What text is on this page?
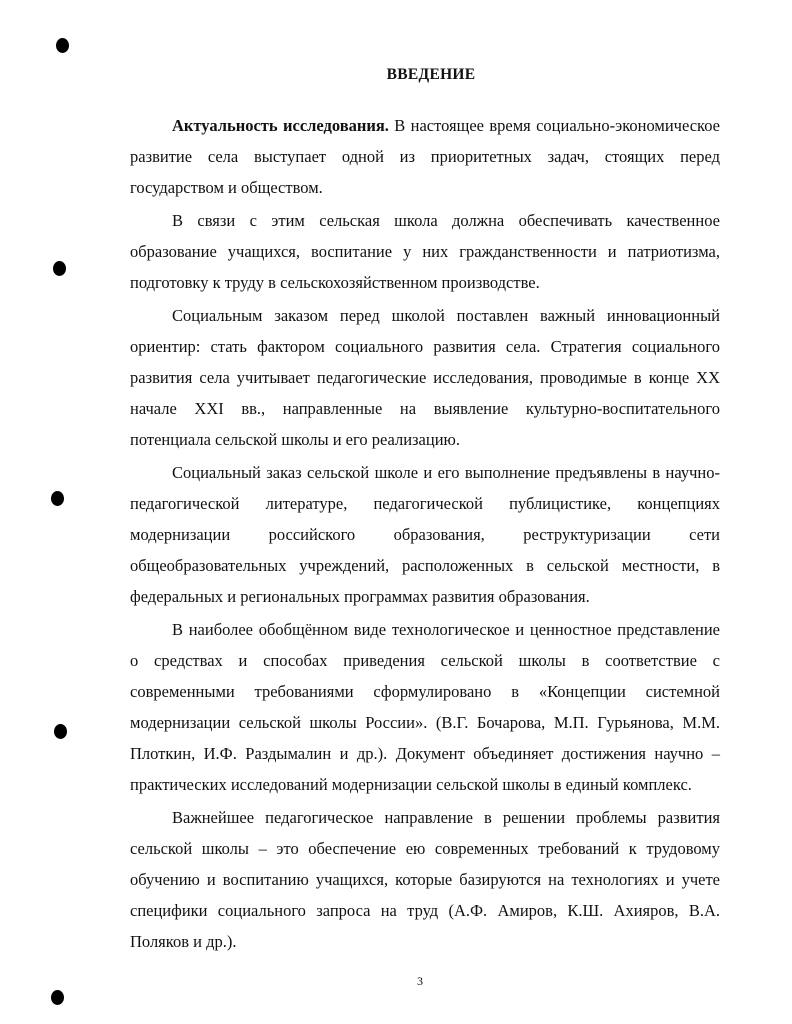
ВВЕДЕНИЕ

Актуальность исследования. В настоящее время социально-экономическое развитие села выступает одной из приоритетных задач, стоящих перед государством и обществом.

В связи с этим сельская школа должна обеспечивать качественное образование учащихся, воспитание у них гражданственности и патриотизма, подготовку к труду в сельскохозяйственном производстве.

Социальным заказом перед школой поставлен важный инновационный ориентир: стать фактором социального развития села. Стратегия социального развития села учитывает педагогические исследования, проводимые в конце XX начале XXI вв., направленные на выявление культурно-воспитательного потенциала сельской школы и его реализацию.

Социальный заказ сельской школе и его выполнение предъявлены в научно-педагогической литературе, педагогической публицистике, концепциях модернизации российского образования, реструктуризации сети общеобразовательных учреждений, расположенных в сельской местности, в федеральных и региональных программах развития образования.

В наиболее обобщённом виде технологическое и ценностное представление о средствах и способах приведения сельской школы в соответствие с современными требованиями сформулировано в «Концепции системной модернизации сельской школы России». (В.Г. Бочарова, М.П. Гурьянова, М.М. Плоткин, И.Ф. Раздымалин и др.). Документ объединяет достижения научно – практических исследований модернизации сельской школы в единый комплекс.

Важнейшее педагогическое направление в решении проблемы развития сельской школы – это обеспечение ею современных требований к трудовому обучению и воспитанию учащихся, которые базируются на технологиях и учете специфики социального запроса на труд (А.Ф. Амиров, К.Ш. Ахияров, В.А. Поляков и др.).

3
